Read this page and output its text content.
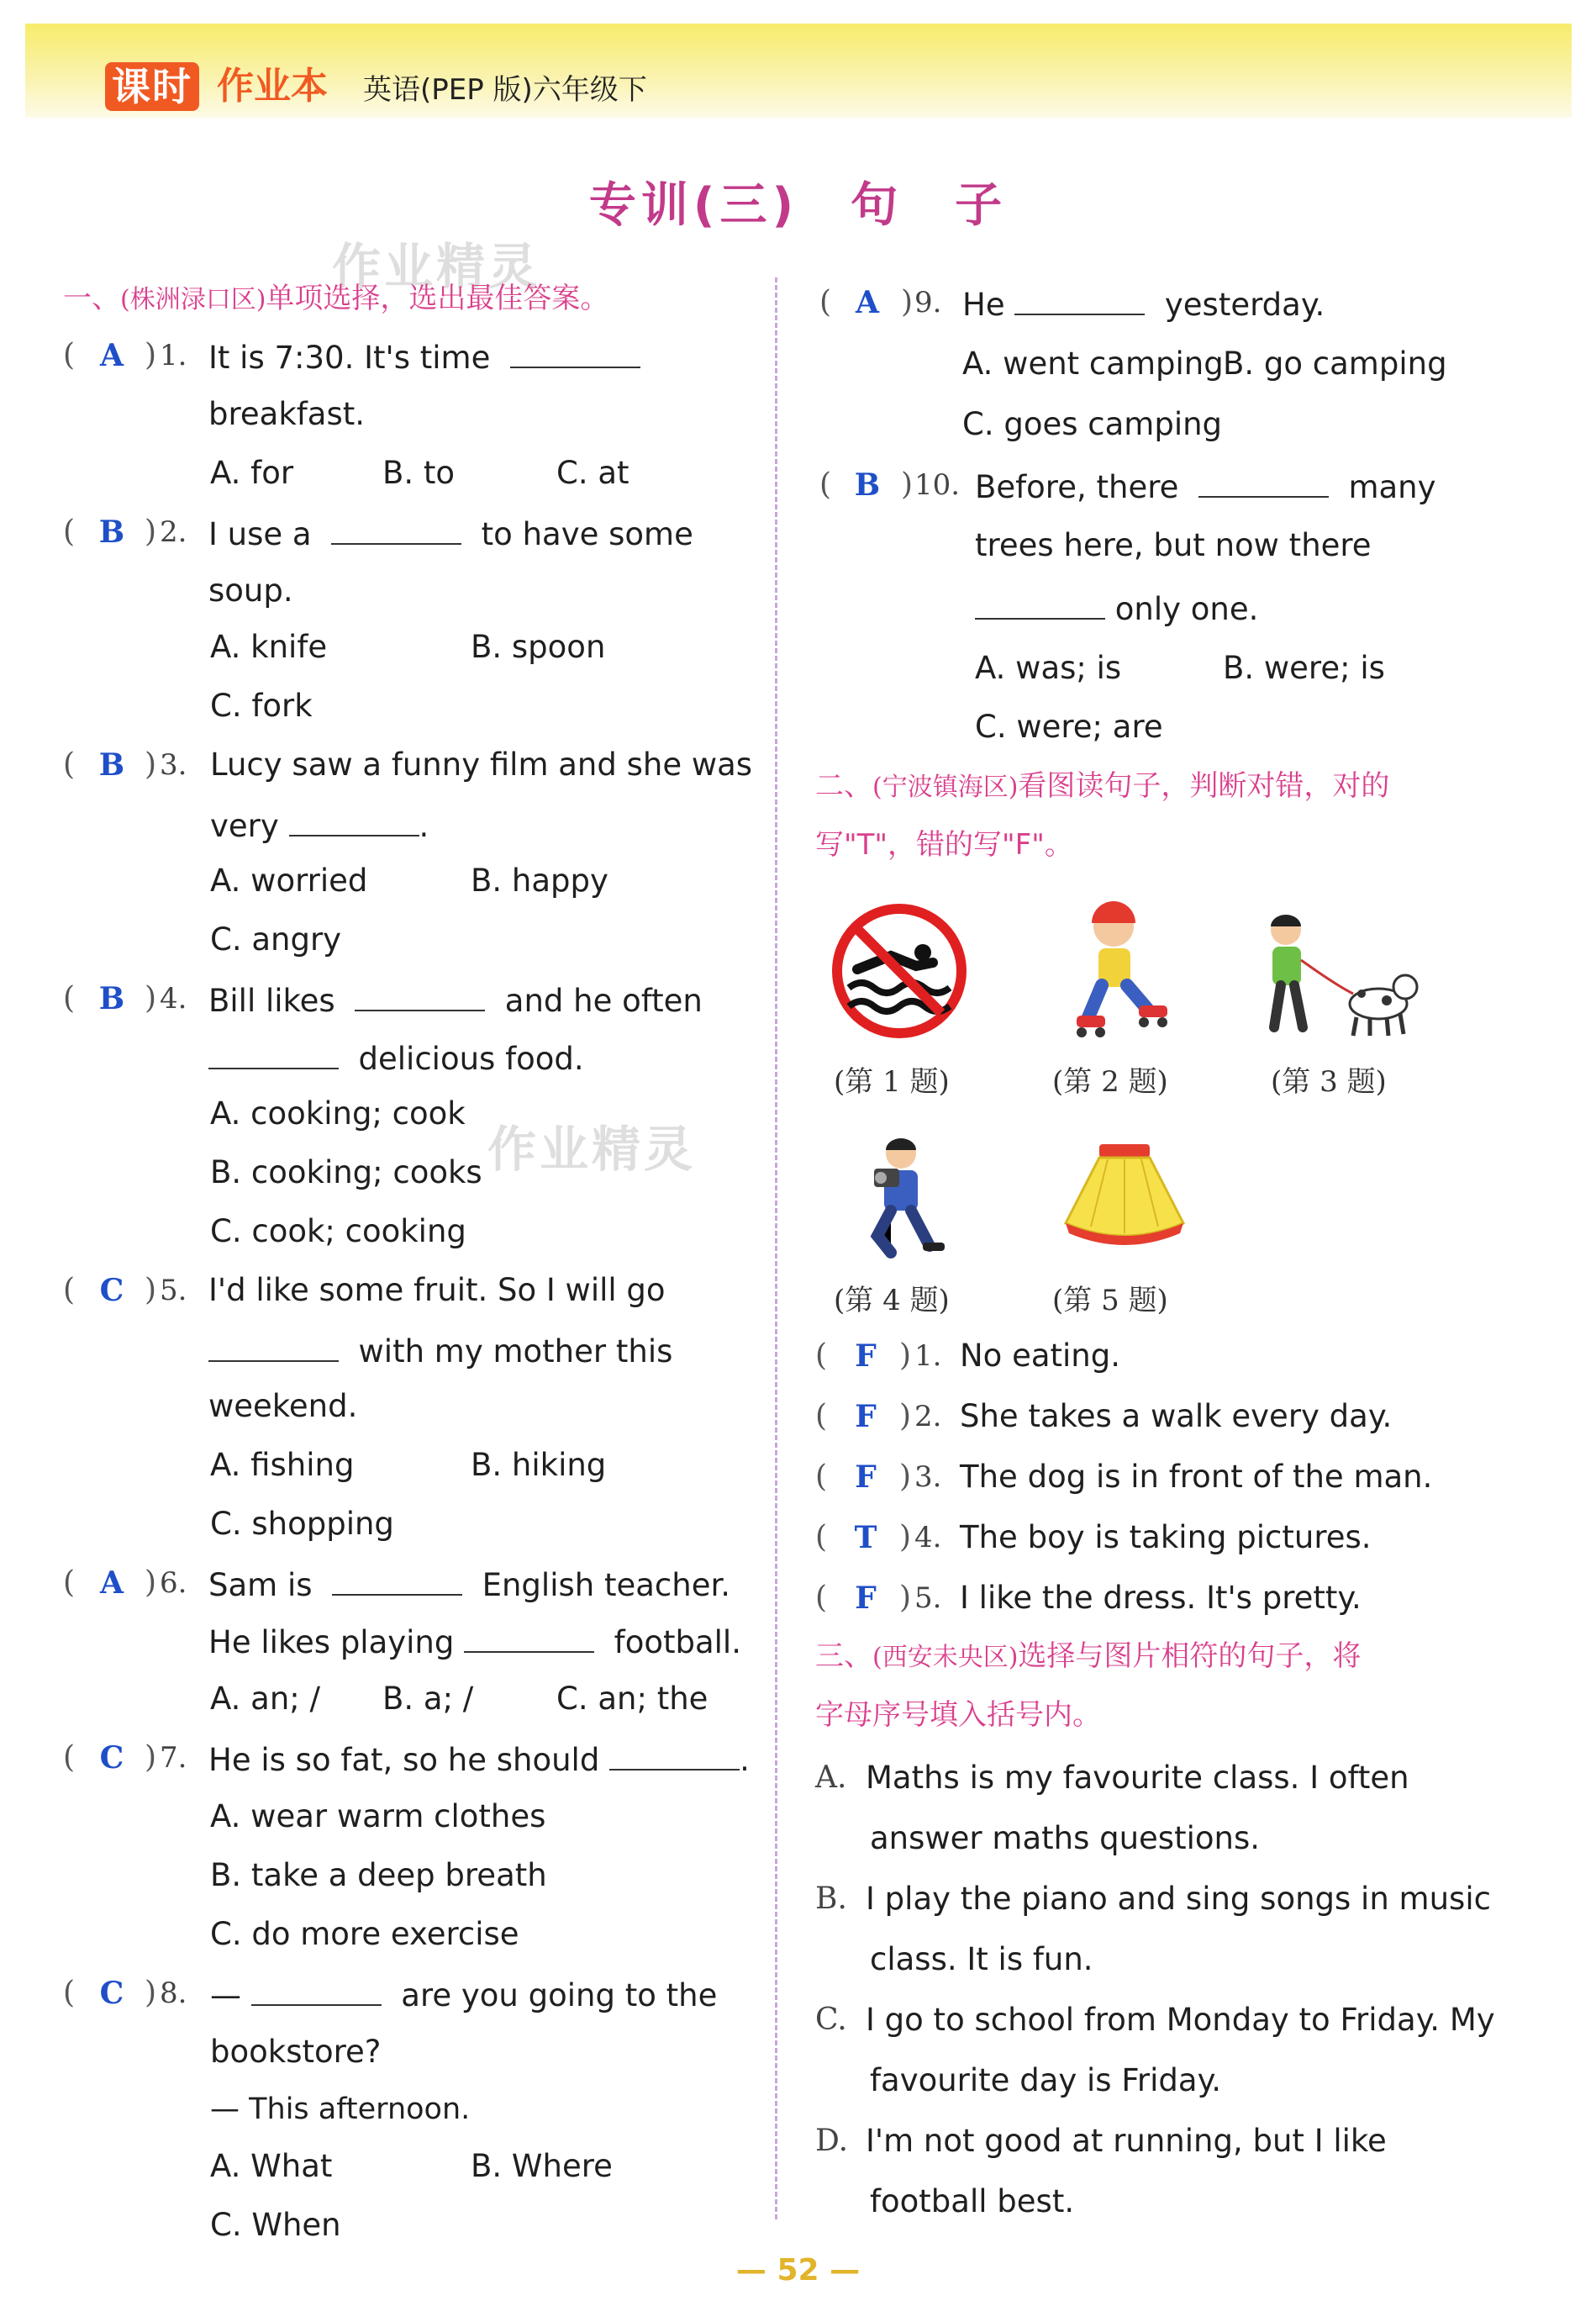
课时 作业本 英语(PEP 版)六年级下
专训(三)　句　子
作业精灵
作业精灵
一、(株洲渌口区)单项选择，选出最佳答案。
( A ) 1. It is 7:30. It's time
breakfast.
A. for	B. to	C. at
( B ) 2. I use a	to have some
soup.
A. knife	B. spoon
C. fork
( B ) 3. Lucy saw a funny film and she was
very	.
A. worried	B. happy
C. angry
( B ) 4. Bill likes	and he often
delicious food.
A. cooking; cook
B. cooking; cooks
C. cook; cooking
( C ) 5. I'd like some fruit. So I will go
with my mother this
weekend.
A. fishing	B. hiking
C. shopping
( A ) 6. Sam is	English teacher.
He likes playing	football.
A. an; / B. a; /	C. an; the
( C ) 7. He is so fat, so he should	.
A. wear warm clothes
B. take a deep breath
C. do more exercise
( C ) 8. —	are you going to the
bookstore?
— This afternoon.
A. What	B. Where
C. When
( A ) 9. He	yesterday.
A. went camping B. go camping
C. goes camping
( B ) 10. Before, there	many
trees here, but now there
only one.
A. was; is	B. were; is
C. were; are
二、(宁波镇海区)看图读句子，判断对错，对的
写"T"，错的写"F"。
(第 1 题)	(第 2 题)	(第 3 题)
(第 4 题)	(第 5 题)
( F ) 1. No eating.
( F ) 2. She takes a walk every day.
( F ) 3. The dog is in front of the man.
( T ) 4. The boy is taking pictures.
( F ) 5. I like the dress. It's pretty.
三、(西安未央区)选择与图片相符的句子，将
字母序号填入括号内。
A. Maths is my favourite class. I often
answer maths questions.
B. I play the piano and sing songs in music
class. It is fun.
C. I go to school from Monday to Friday. My
favourite day is Friday.
D. I'm not good at running, but I like
football best.
— 52 —
